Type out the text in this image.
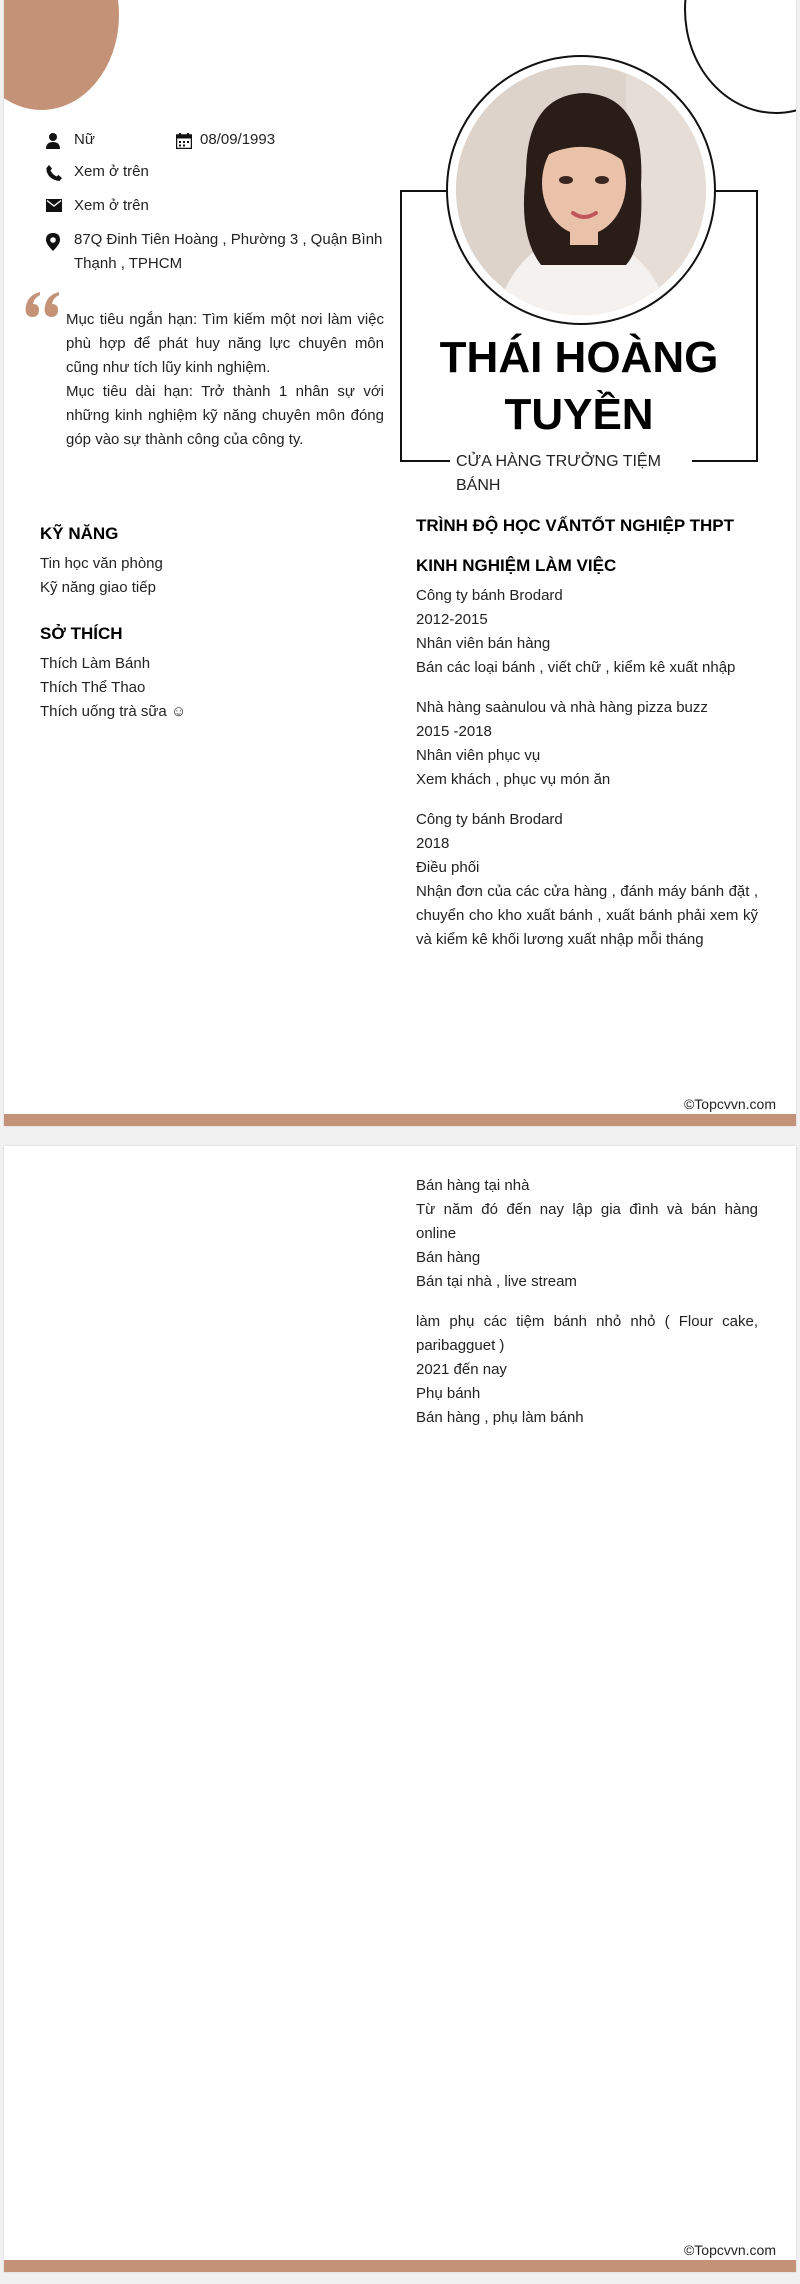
THÁI HOÀNG
TUYỀN
CỬA HÀNG TRƯỞNG TIỆM BÁNH
Nữ	08/09/1993
Xem ở trên
Xem ở trên
87Q Đinh Tiên Hoàng , Phường 3 , Quận Bình Thạnh , TPHCM

Mục tiêu ngắn hạn: Tìm kiếm một nơi làm việc phù hợp để phát huy năng lực chuyên môn cũng như tích lũy kinh nghiệm.

Mục tiêu dài hạn: Trở thành 1 nhân sự với những kinh nghiệm kỹ năng chuyên môn đóng góp vào sự thành công của công ty.

KỸ NĂNG
Tin học văn phòng
Kỹ năng giao tiếp
SỞ THÍCH
Thích Làm Bánh
Thích Thể Thao
Thích uống trà sữa ☺
TRÌNH ĐỘ HỌC VẤNTỐT NGHIỆP THPT
KINH NGHIỆM LÀM VIỆC
Công ty bánh Brodard
2012-2015
Nhân viên bán hàng
Bán các loại bánh , viết chữ , kiểm kê xuất nhập
Nhà hàng saànulou và nhà hàng pizza buzz
2015 -2018
Nhân viên phục vụ
Xem khách , phục vụ món ăn
Công ty bánh Brodard
2018
Điều phối
Nhận đơn của các cửa hàng , đánh máy bánh đặt , chuyển cho kho xuất bánh , xuất bánh phải xem kỹ và kiểm kê khối lương xuất nhập mỗi tháng
©Topcvvn.com
Bán hàng tại nhà
Từ năm đó đến nay lập gia đình và bán hàng online
Bán hàng
Bán tại nhà , live stream
làm phụ các tiệm bánh nhỏ nhỏ ( Flour cake, paribagguet )
2021 đến nay
Phụ bánh
Bán hàng , phụ làm bánh
©Topcvvn.com
